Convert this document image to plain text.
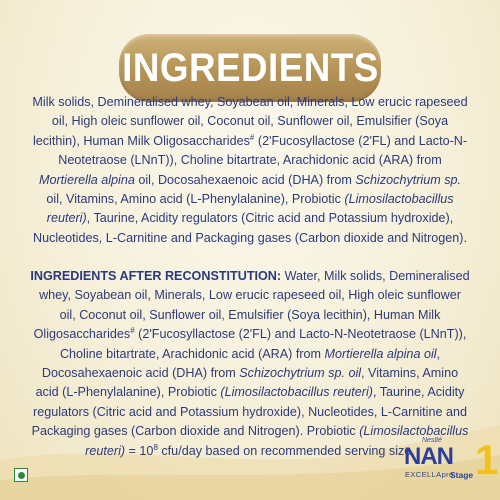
INGREDIENTS
Milk solids, Demineralised whey, Soyabean oil, Minerals, Low erucic rapeseed oil, High oleic sunflower oil, Coconut oil, Sunflower oil, Emulsifier (Soya lecithin), Human Milk Oligosaccharides# (2'Fucosyllactose (2'FL) and Lacto-N-Neotetraose (LNnT)), Choline bitartrate, Arachidonic acid (ARA) from Mortierella alpina oil, Docosahexaenoic acid (DHA) from Schizochytrium sp. oil, Vitamins, Amino acid (L-Phenylalanine), Probiotic (Limosilactobacillus reuteri), Taurine, Acidity regulators (Citric acid and Potassium hydroxide), Nucleotides, L-Carnitine and Packaging gases (Carbon dioxide and Nitrogen).
INGREDIENTS AFTER RECONSTITUTION: Water, Milk solids, Demineralised whey, Soyabean oil, Minerals, Low erucic rapeseed oil, High oleic sunflower oil, Coconut oil, Sunflower oil, Emulsifier (Soya lecithin), Human Milk Oligosaccharides# (2'Fucosyllactose (2'FL) and Lacto-N-Neotetraose (LNnT)), Choline bitartrate, Arachidonic acid (ARA) from Mortierella alpina oil, Docosahexaenoic acid (DHA) from Schizochytrium sp. oil, Vitamins, Amino acid (L-Phenylalanine), Probiotic (Limosilactobacillus reuteri), Taurine, Acidity regulators (Citric acid and Potassium hydroxide), Nucleotides, L-Carnitine and Packaging gases (Carbon dioxide and Nitrogen). Probiotic (Limosilactobacillus reuteri) = $10^8$ cfu/day based on recommended serving size.
Nestlé
NAN
EXCELLApro
Stage 1
